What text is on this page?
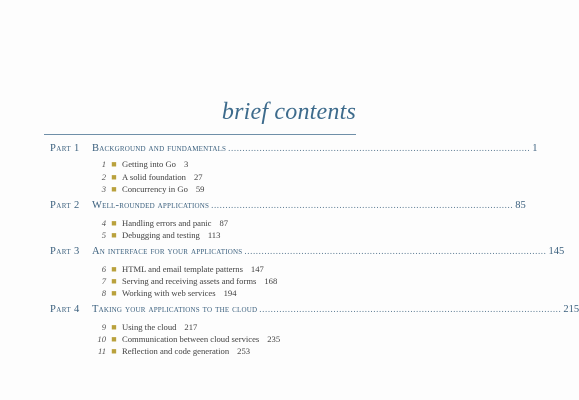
brief contents
Part 1	Background and fundamentals .......................................................................................................... 1
1 ■ Getting into Go 3
2 ■ A solid foundation 27
3 ■ Concurrency in Go 59
Part 2	Well-rounded applications .......................................................................................................... 85
4 ■ Handling errors and panic 87
5 ■ Debugging and testing 113
Part 3	An interface for your applications .......................................................................................................... 145
6 ■ HTML and email template patterns 147
7 ■ Serving and receiving assets and forms 168
8 ■ Working with web services 194
Part 4	Taking your applications to the cloud .......................................................................................................... 215
9 ■ Using the cloud 217
10 ■ Communication between cloud services 235
11 ■ Reflection and code generation 253
